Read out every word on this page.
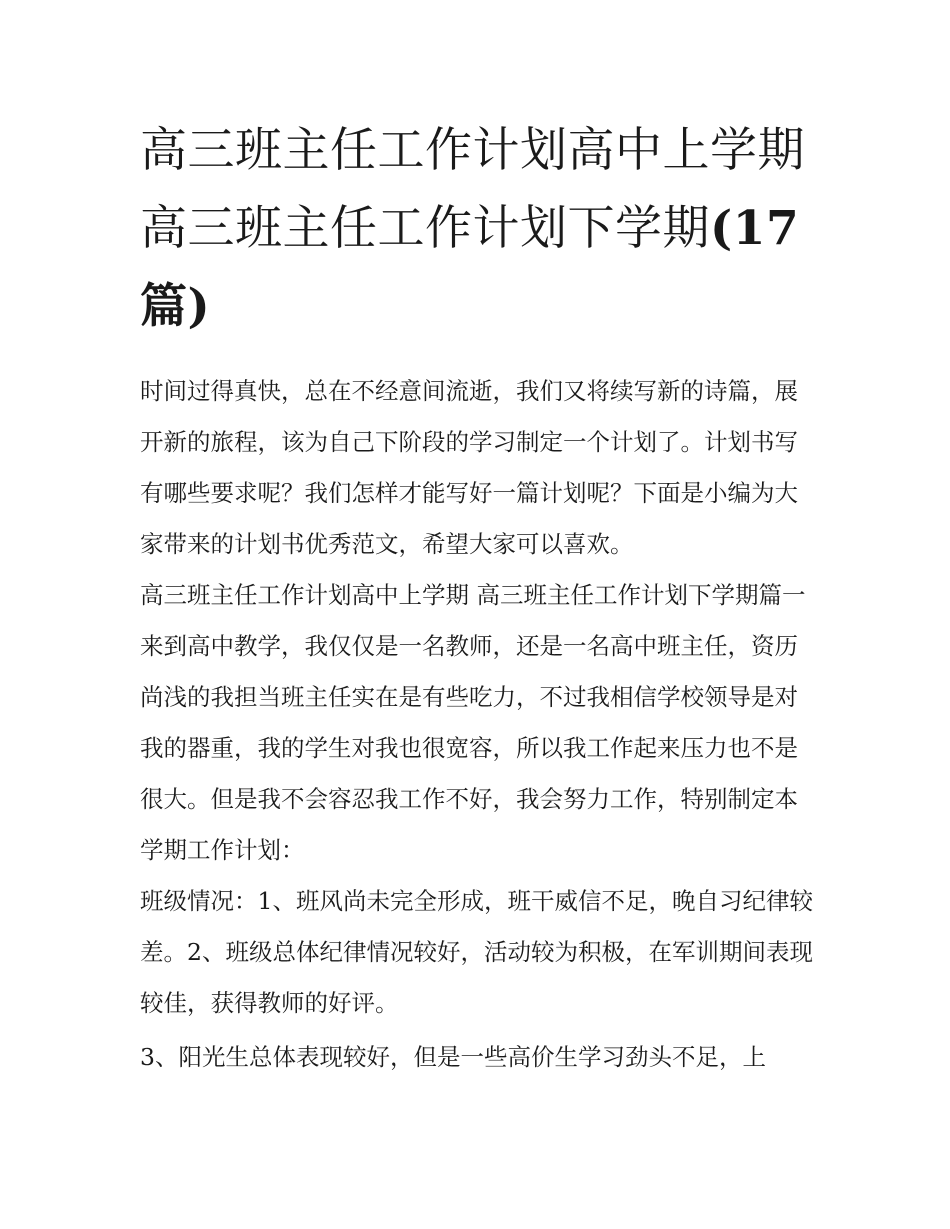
高三班主任工作计划高中上学期 高三班主任工作计划下学期(17篇)

时间过得真快，总在不经意间流逝，我们又将续写新的诗篇，展开新的旅程，该为自己下阶段的学习制定一个计划了。计划书写有哪些要求呢？我们怎样才能写好一篇计划呢？下面是小编为大家带来的计划书优秀范文，希望大家可以喜欢。

高三班主任工作计划高中上学期 高三班主任工作计划下学期篇一

来到高中教学，我仅仅是一名教师，还是一名高中班主任，资历尚浅的我担当班主任实在是有些吃力，不过我相信学校领导是对我的器重，我的学生对我也很宽容，所以我工作起来压力也不是很大。但是我不会容忍我工作不好，我会努力工作，特别制定本学期工作计划：

班级情况：1、班风尚未完全形成，班干威信不足，晚自习纪律较差。2、班级总体纪律情况较好，活动较为积极，在军训期间表现较佳，获得教师的好评。

3、阳光生总体表现较好，但是一些高价生学习劲头不足，上
